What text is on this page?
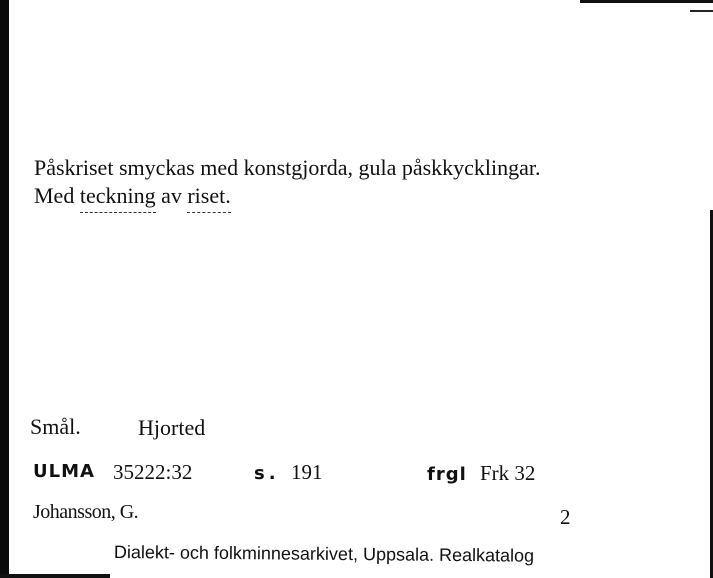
Påskriset smyckas med konstgjorda, gula påskkycklingar.
Med teckning av riset.
Smål.	Hjorted
ULMA 35222:32	s. 191	frgl Frk 32
Johansson, G.	2
Dialekt- och folkminnesarkivet, Uppsala. Realkatalog
